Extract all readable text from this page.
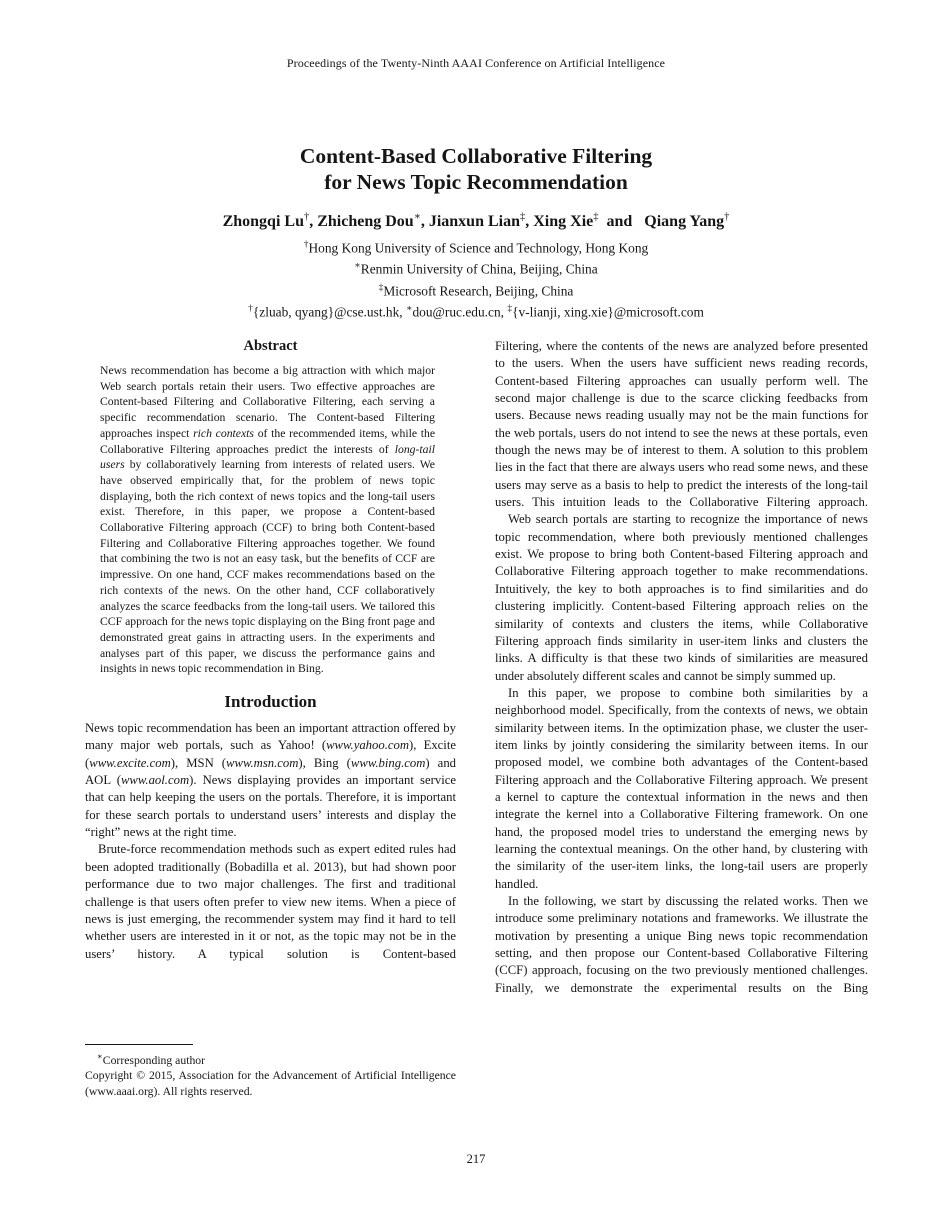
Proceedings of the Twenty-Ninth AAAI Conference on Artificial Intelligence
Content-Based Collaborative Filtering
for News Topic Recommendation
Zhongqi Lu†, Zhicheng Dou∗, Jianxun Lian‡, Xing Xie‡ and  Qiang Yang†
†Hong Kong University of Science and Technology, Hong Kong
∗Renmin University of China, Beijing, China
‡Microsoft Research, Beijing, China
†{zluab, qyang}@cse.ust.hk, ∗dou@ruc.edu.cn, ‡{v-lianji, xing.xie}@microsoft.com
Abstract
News recommendation has become a big attraction with which major Web search portals retain their users. Two effective approaches are Content-based Filtering and Collaborative Filtering, each serving a specific recommendation scenario. The Content-based Filtering approaches inspect rich contexts of the recommended items, while the Collaborative Filtering approaches predict the interests of long-tail users by collaboratively learning from interests of related users. We have observed empirically that, for the problem of news topic displaying, both the rich context of news topics and the long-tail users exist. Therefore, in this paper, we propose a Content-based Collaborative Filtering approach (CCF) to bring both Content-based Filtering and Collaborative Filtering approaches together. We found that combining the two is not an easy task, but the benefits of CCF are impressive. On one hand, CCF makes recommendations based on the rich contexts of the news. On the other hand, CCF collaboratively analyzes the scarce feedbacks from the long-tail users. We tailored this CCF approach for the news topic displaying on the Bing front page and demonstrated great gains in attracting users. In the experiments and analyses part of this paper, we discuss the performance gains and insights in news topic recommendation in Bing.
Introduction
News topic recommendation has been an important attraction offered by many major web portals, such as Yahoo! (www.yahoo.com), Excite (www.excite.com), MSN (www.msn.com), Bing (www.bing.com) and AOL (www.aol.com). News displaying provides an important service that can help keeping the users on the portals. Therefore, it is important for these search portals to understand users’ interests and display the “right” news at the right time.
Brute-force recommendation methods such as expert edited rules had been adopted traditionally (Bobadilla et al. 2013), but had shown poor performance due to two major challenges. The first and traditional challenge is that users often prefer to view new items. When a piece of news is just emerging, the recommender system may find it hard to tell whether users are interested in it or not, as the topic may not be in the users’ history. A typical solution is Content-based
Filtering, where the contents of the news are analyzed before presented to the users. When the users have sufficient news reading records, Content-based Filtering approaches can usually perform well. The second major challenge is due to the scarce clicking feedbacks from users. Because news reading usually may not be the main functions for the web portals, users do not intend to see the news at these portals, even though the news may be of interest to them. A solution to this problem lies in the fact that there are always users who read some news, and these users may serve as a basis to help to predict the interests of the long-tail users. This intuition leads to the Collaborative Filtering approach.
Web search portals are starting to recognize the importance of news topic recommendation, where both previously mentioned challenges exist. We propose to bring both Content-based Filtering approach and Collaborative Filtering approach together to make recommendations. Intuitively, the key to both approaches is to find similarities and do clustering implicitly. Content-based Filtering approach relies on the similarity of contexts and clusters the items, while Collaborative Filtering approach finds similarity in user-item links and clusters the links. A difficulty is that these two kinds of similarities are measured under absolutely different scales and cannot be simply summed up.
In this paper, we propose to combine both similarities by a neighborhood model. Specifically, from the contexts of news, we obtain similarity between items. In the optimization phase, we cluster the user-item links by jointly considering the similarity between items. In our proposed model, we combine both advantages of the Content-based Filtering approach and the Collaborative Filtering approach. We present a kernel to capture the contextual information in the news and then integrate the kernel into a Collaborative Filtering framework. On one hand, the proposed model tries to understand the emerging news by learning the contextual meanings. On the other hand, by clustering with the similarity of the user-item links, the long-tail users are properly handled.
In the following, we start by discussing the related works. Then we introduce some preliminary notations and frameworks. We illustrate the motivation by presenting a unique Bing news topic recommendation setting, and then propose our Content-based Collaborative Filtering (CCF) approach, focusing on the two previously mentioned challenges. Finally, we demonstrate the experimental results on the Bing
∗Corresponding author
Copyright © 2015, Association for the Advancement of Artificial Intelligence (www.aaai.org). All rights reserved.
217
